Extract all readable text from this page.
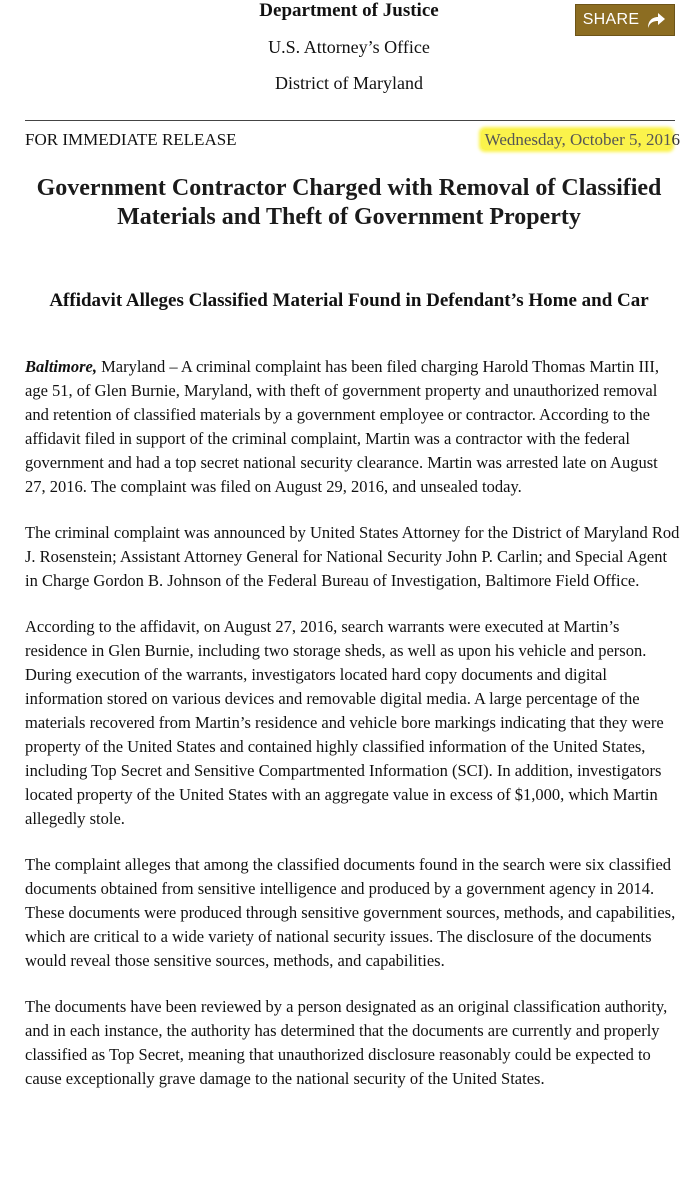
Department of Justice
U.S. Attorney’s Office
District of Maryland
SHARE
FOR IMMEDIATE RELEASE	Wednesday, October 5, 2016
Government Contractor Charged with Removal of Classified Materials and Theft of Government Property
Affidavit Alleges Classified Material Found in Defendant’s Home and Car

Baltimore, Maryland – A criminal complaint has been filed charging Harold Thomas Martin III, age 51, of Glen Burnie, Maryland, with theft of government property and unauthorized removal and retention of classified materials by a government employee or contractor. According to the affidavit filed in support of the criminal complaint, Martin was a contractor with the federal government and had a top secret national security clearance. Martin was arrested late on August 27, 2016. The complaint was filed on August 29, 2016, and unsealed today.

The criminal complaint was announced by United States Attorney for the District of Maryland Rod J. Rosenstein; Assistant Attorney General for National Security John P. Carlin; and Special Agent in Charge Gordon B. Johnson of the Federal Bureau of Investigation, Baltimore Field Office.

According to the affidavit, on August 27, 2016, search warrants were executed at Martin’s residence in Glen Burnie, including two storage sheds, as well as upon his vehicle and person. During execution of the warrants, investigators located hard copy documents and digital information stored on various devices and removable digital media. A large percentage of the materials recovered from Martin’s residence and vehicle bore markings indicating that they were property of the United States and contained highly classified information of the United States, including Top Secret and Sensitive Compartmented Information (SCI). In addition, investigators located property of the United States with an aggregate value in excess of $1,000, which Martin allegedly stole.

The complaint alleges that among the classified documents found in the search were six classified documents obtained from sensitive intelligence and produced by a government agency in 2014. These documents were produced through sensitive government sources, methods, and capabilities, which are critical to a wide variety of national security issues. The disclosure of the documents would reveal those sensitive sources, methods, and capabilities.

The documents have been reviewed by a person designated as an original classification authority, and in each instance, the authority has determined that the documents are currently and properly classified as Top Secret, meaning that unauthorized disclosure reasonably could be expected to cause exceptionally grave damage to the national security of the United States.
